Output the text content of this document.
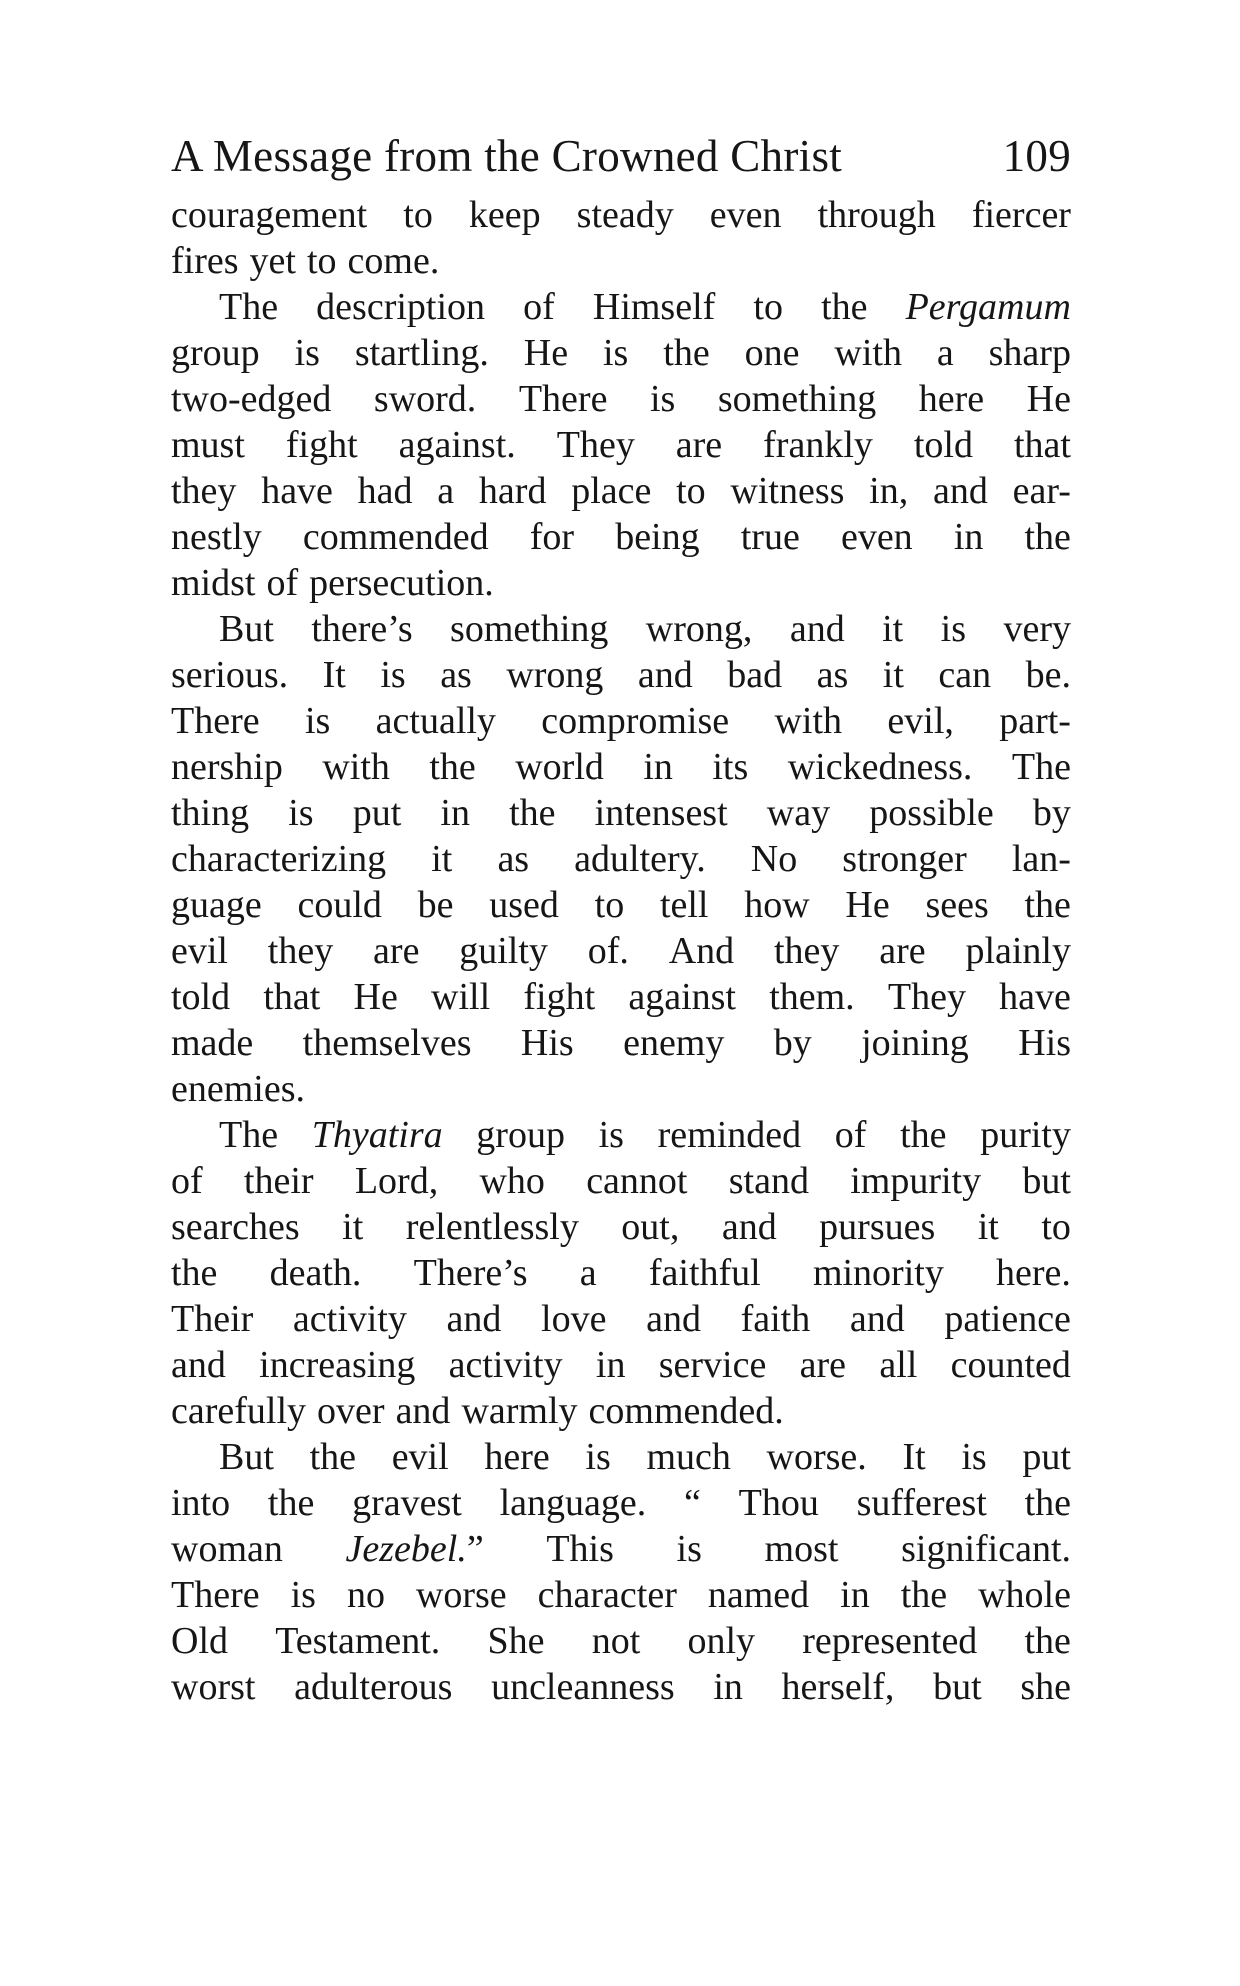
A Message from the Crowned Christ	109
couragement to keep steady even through fiercer
fires yet to come.
The description of Himself to the Pergamum
group is startling. He is the one with a sharp
two-edged sword. There is something here He
must fight against. They are frankly told that
they have had a hard place to witness in, and ear-
nestly commended for being true even in the
midst of persecution.
But there’s something wrong, and it is very
serious. It is as wrong and bad as it can be.
There is actually compromise with evil, part-
nership with the world in its wickedness. The
thing is put in the intensest way possible by
characterizing it as adultery. No stronger lan-
guage could be used to tell how He sees the
evil they are guilty of. And they are plainly
told that He will fight against them. They have
made themselves His enemy by joining His
enemies.
The Thyatira group is reminded of the purity
of their Lord, who cannot stand impurity but
searches it relentlessly out, and pursues it to
the death. There’s a faithful minority here.
Their activity and love and faith and patience
and increasing activity in service are all counted
carefully over and warmly commended.
But the evil here is much worse. It is put
into the gravest language. “ Thou sufferest the
woman Jezebel.” This is most significant.
There is no worse character named in the whole
Old Testament. She not only represented the
worst adulterous uncleanness in herself, but she
